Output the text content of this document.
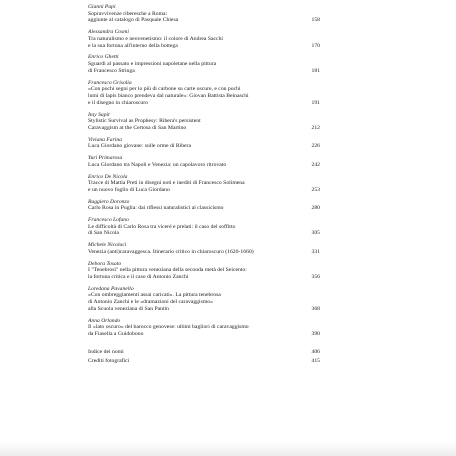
Gianni Papi
Sopravvivenze riberesche a Roma:
aggiunte al catalogo di Pasquale Chiesa	158
Alessandra Cosmi
Tra naturalismo e neovenetismo: il colore di Andrea Sacchi
e la sua fortuna all'interno della bottega	170
Enrico Ghetti
Sguardi al passato e impressioni napoletane nella pittura
di Francesco Stringa	181
Francesco Grisolia
«Con pochi segni per lo più di carbone su carte oscure, e con pochi
lumi di lapis bianco prendeva dal naturale»: Giovan Battista Beinaschi
e il disegno in chiaroscuro	191
Itay Sapir
Stylistic Survival as Prophesy: Ribera's persistent
Caravaggism at the Certosa di San Martino	212
Viviana Farina
Luca Giordano giovane: sulle orme di Ribera	226
Yuri Primarosa
Luca Giordano tra Napoli e Venezia: un capolavoro ritrovato	242
Enrico De Nicola
Tracce di Mattia Preti in disegni noti e inediti di Francesco Solimena
e un nuovo foglio di Luca Giordano	253
Ruggiero Doronzo
Carlo Rosa in Puglia: dai riflessi naturalistici al classicismo	280
Francesco Lofano
Le difficoltà di Carlo Rosa tra viceré e prelati: il caso del soffitto
di San Nicola	305
Michele Nicolaci
Venezia (anti)caravaggesca. Itinerario critico in chiaroscuro (1620-1660)	331
Debora Tosato
I "Tenebrosi" nella pittura veneziana della seconda metà del Seicento:
la fortuna critica e il caso di Antonio Zanchi	356
Loredana Pavanello
«Con ombreggiamenti assai caricati». La pittura tenebrosa
di Antonio Zanchi e le «dramazioni del caravaggismo»
alla Scuola veneziana di San Pantin	368
Anna Orlando
Il «lato oscuro» del barocco genovese: ultimi bagliori di caravaggismo
da Fiasella a Guidobono	390
Indice dei nomi	406
Crediti fotografici	415
